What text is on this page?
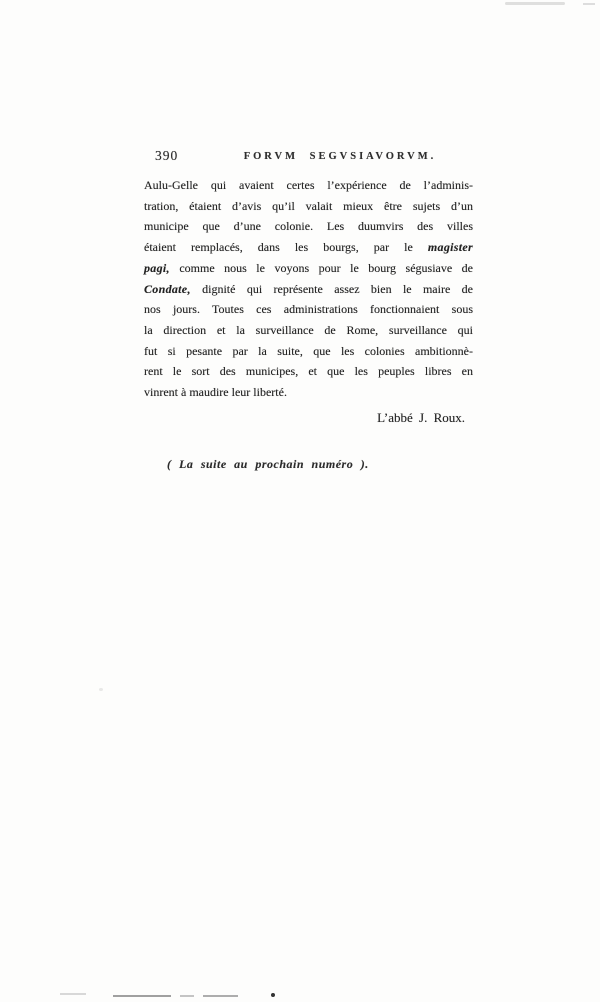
390	FORVM SEGVSIAVORVM.
Aulu-Gelle qui avaient certes l’expérience de l’adminis-
tration, étaient d’avis qu’il valait mieux être sujets d’un
municipe que d’une colonie. Les duumvirs des villes
étaient remplacés, dans les bourgs, par le magister
pagi, comme nous le voyons pour le bourg ségusiave de
Condate, dignité qui représente assez bien le maire de
nos jours. Toutes ces administrations fonctionnaient sous
la direction et la surveillance de Rome, surveillance qui
fut si pesante par la suite, que les colonies ambitionnè-
rent le sort des municipes, et que les peuples libres en
vinrent à maudire leur liberté.
L’abbé J. Roux.
( La suite au prochain numéro ).
